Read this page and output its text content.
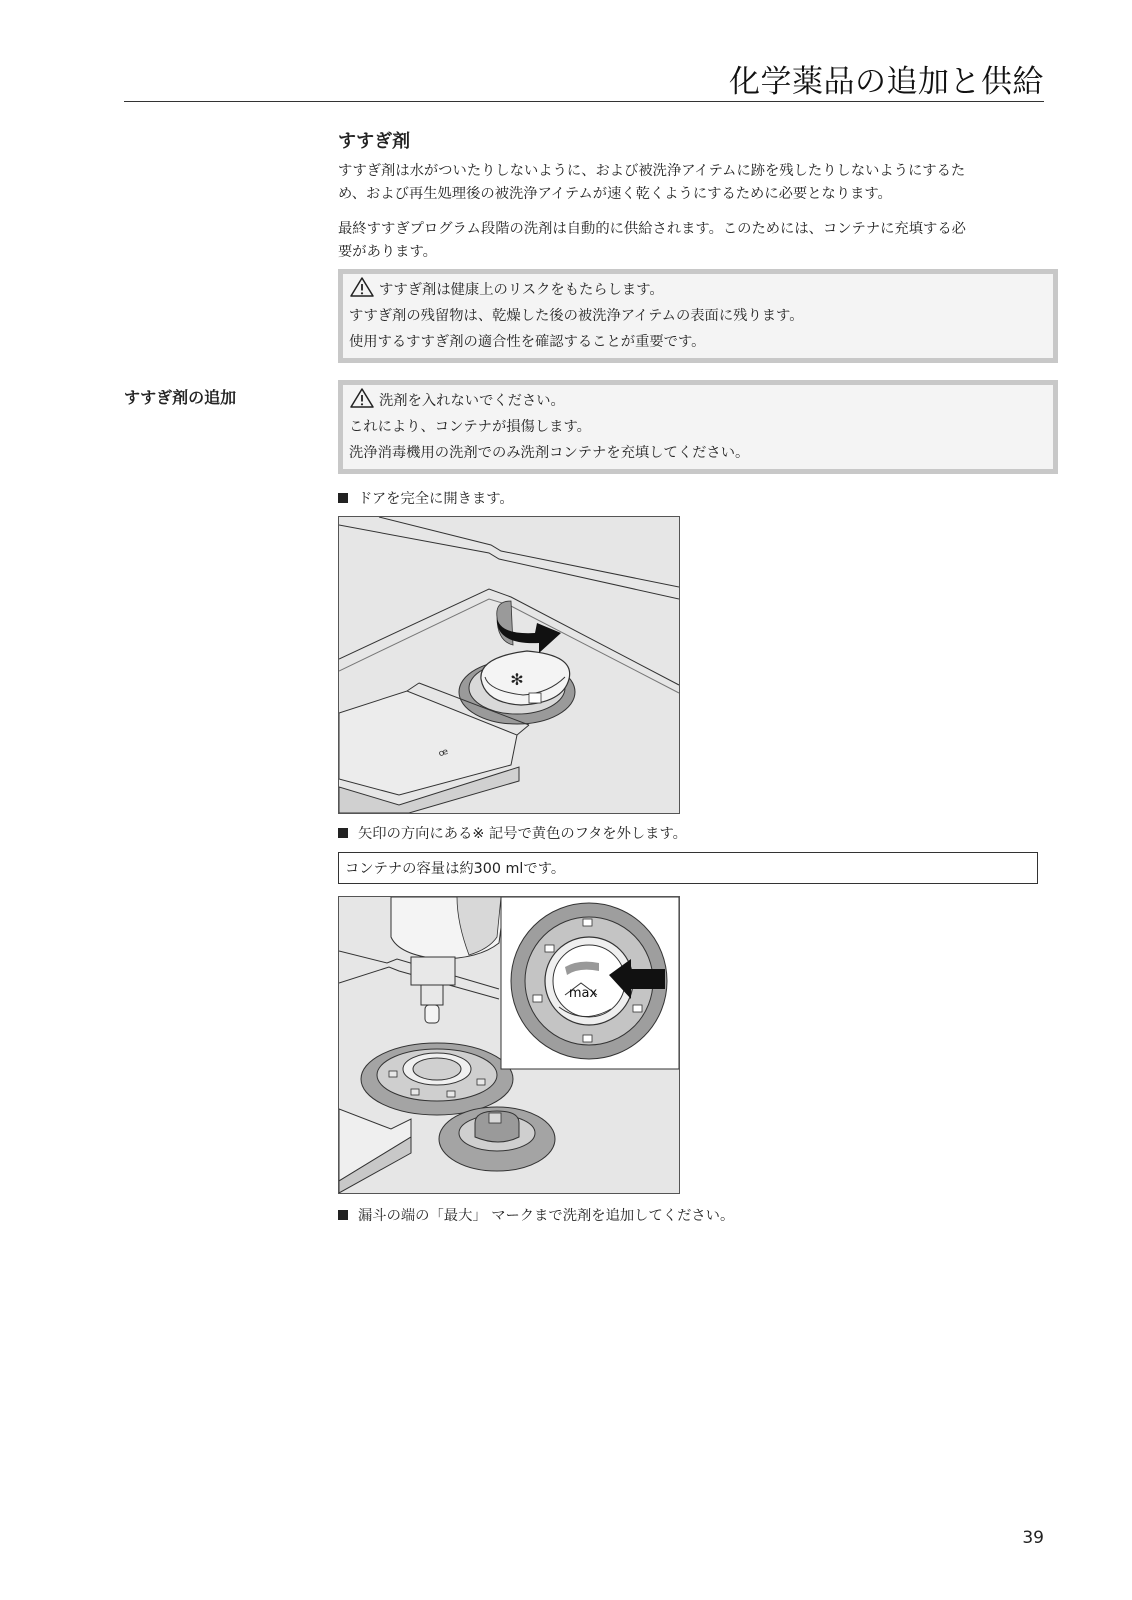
化学薬品の追加と供給
すすぎ剤
すすぎ剤は水がついたりしないように、および被洗浄アイテムに跡を残したりしないようにするた
め、および再生処理後の被洗浄アイテムが速く乾くようにするために必要となります。
最終すすぎプログラム段階の洗剤は自動的に供給されます。このためには、コンテナに充填する必
要があります。
すすぎ剤は健康上のリスクをもたらします。
すすぎ剤の残留物は、乾燥した後の被洗浄アイテムの表面に残ります。
使用するすすぎ剤の適合性を確認することが重要です。
すすぎ剤の追加	洗剤を入れないでください。
これにより、コンテナが損傷します。
洗浄消毒機用の洗剤でのみ洗剤コンテナを充填してください。
ドアを完全に開きます。
✻
ꟹ
矢印の方向にある※ 記号で黄色のフタを外します。
コンテナの容量は約300 mlです。
max
漏斗の端の「最大」 マークまで洗剤を追加してください。
39
